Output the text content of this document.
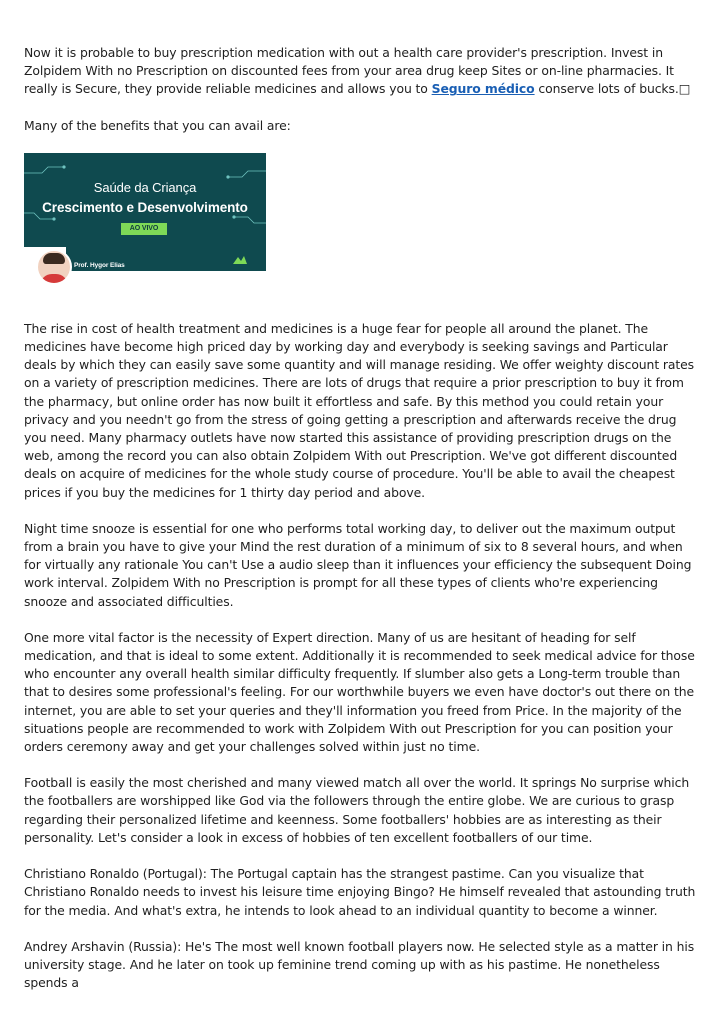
Now it is probable to buy prescription medication with out a health care provider's prescription. Invest in Zolpidem With no Prescription on discounted fees from your area drug keep Sites or on-line pharmacies. It really is Secure, they provide reliable medicines and allows you to Seguro médico conserve lots of bucks.□

Many of the benefits that you can avail are:

Saúde da Criança
Crescimento e Desenvolvimento
AO VIVO
Prof. Hygor Elias

The rise in cost of health treatment and medicines is a huge fear for people all around the planet. The medicines have become high priced day by working day and everybody is seeking savings and Particular deals by which they can easily save some quantity and will manage residing. We offer weighty discount rates on a variety of prescription medicines. There are lots of drugs that require a prior prescription to buy it from the pharmacy, but online order has now built it effortless and safe. By this method you could retain your privacy and you needn't go from the stress of going getting a prescription and afterwards receive the drug you need. Many pharmacy outlets have now started this assistance of providing prescription drugs on the web, among the record you can also obtain Zolpidem With out Prescription. We've got different discounted deals on acquire of medicines for the whole study course of procedure. You'll be able to avail the cheapest prices if you buy the medicines for 1 thirty day period and above.

Night time snooze is essential for one who performs total working day, to deliver out the maximum output from a brain you have to give your Mind the rest duration of a minimum of six to 8 several hours, and when for virtually any rationale You can't Use a audio sleep than it influences your efficiency the subsequent Doing work interval. Zolpidem With no Prescription is prompt for all these types of clients who're experiencing snooze and associated difficulties.

One more vital factor is the necessity of Expert direction. Many of us are hesitant of heading for self medication, and that is ideal to some extent. Additionally it is recommended to seek medical advice for those who encounter any overall health similar difficulty frequently. If slumber also gets a Long-term trouble than that to desires some professional's feeling. For our worthwhile buyers we even have doctor's out there on the internet, you are able to set your queries and they'll information you freed from Price. In the majority of the situations people are recommended to work with Zolpidem With out Prescription for you can position your orders ceremony away and get your challenges solved within just no time.

Football is easily the most cherished and many viewed match all over the world. It springs No surprise which the footballers are worshipped like God via the followers through the entire globe. We are curious to grasp regarding their personalized lifetime and keenness. Some footballers' hobbies are as interesting as their personality. Let's consider a look in excess of hobbies of ten excellent footballers of our time.

Christiano Ronaldo (Portugal): The Portugal captain has the strangest pastime. Can you visualize that Christiano Ronaldo needs to invest his leisure time enjoying Bingo? He himself revealed that astounding truth for the media. And what's extra, he intends to look ahead to an individual quantity to become a winner.

Andrey Arshavin (Russia): He's The most well known football players now. He selected style as a matter in his university stage. And he later on took up feminine trend coming up with as his pastime. He nonetheless spends a
